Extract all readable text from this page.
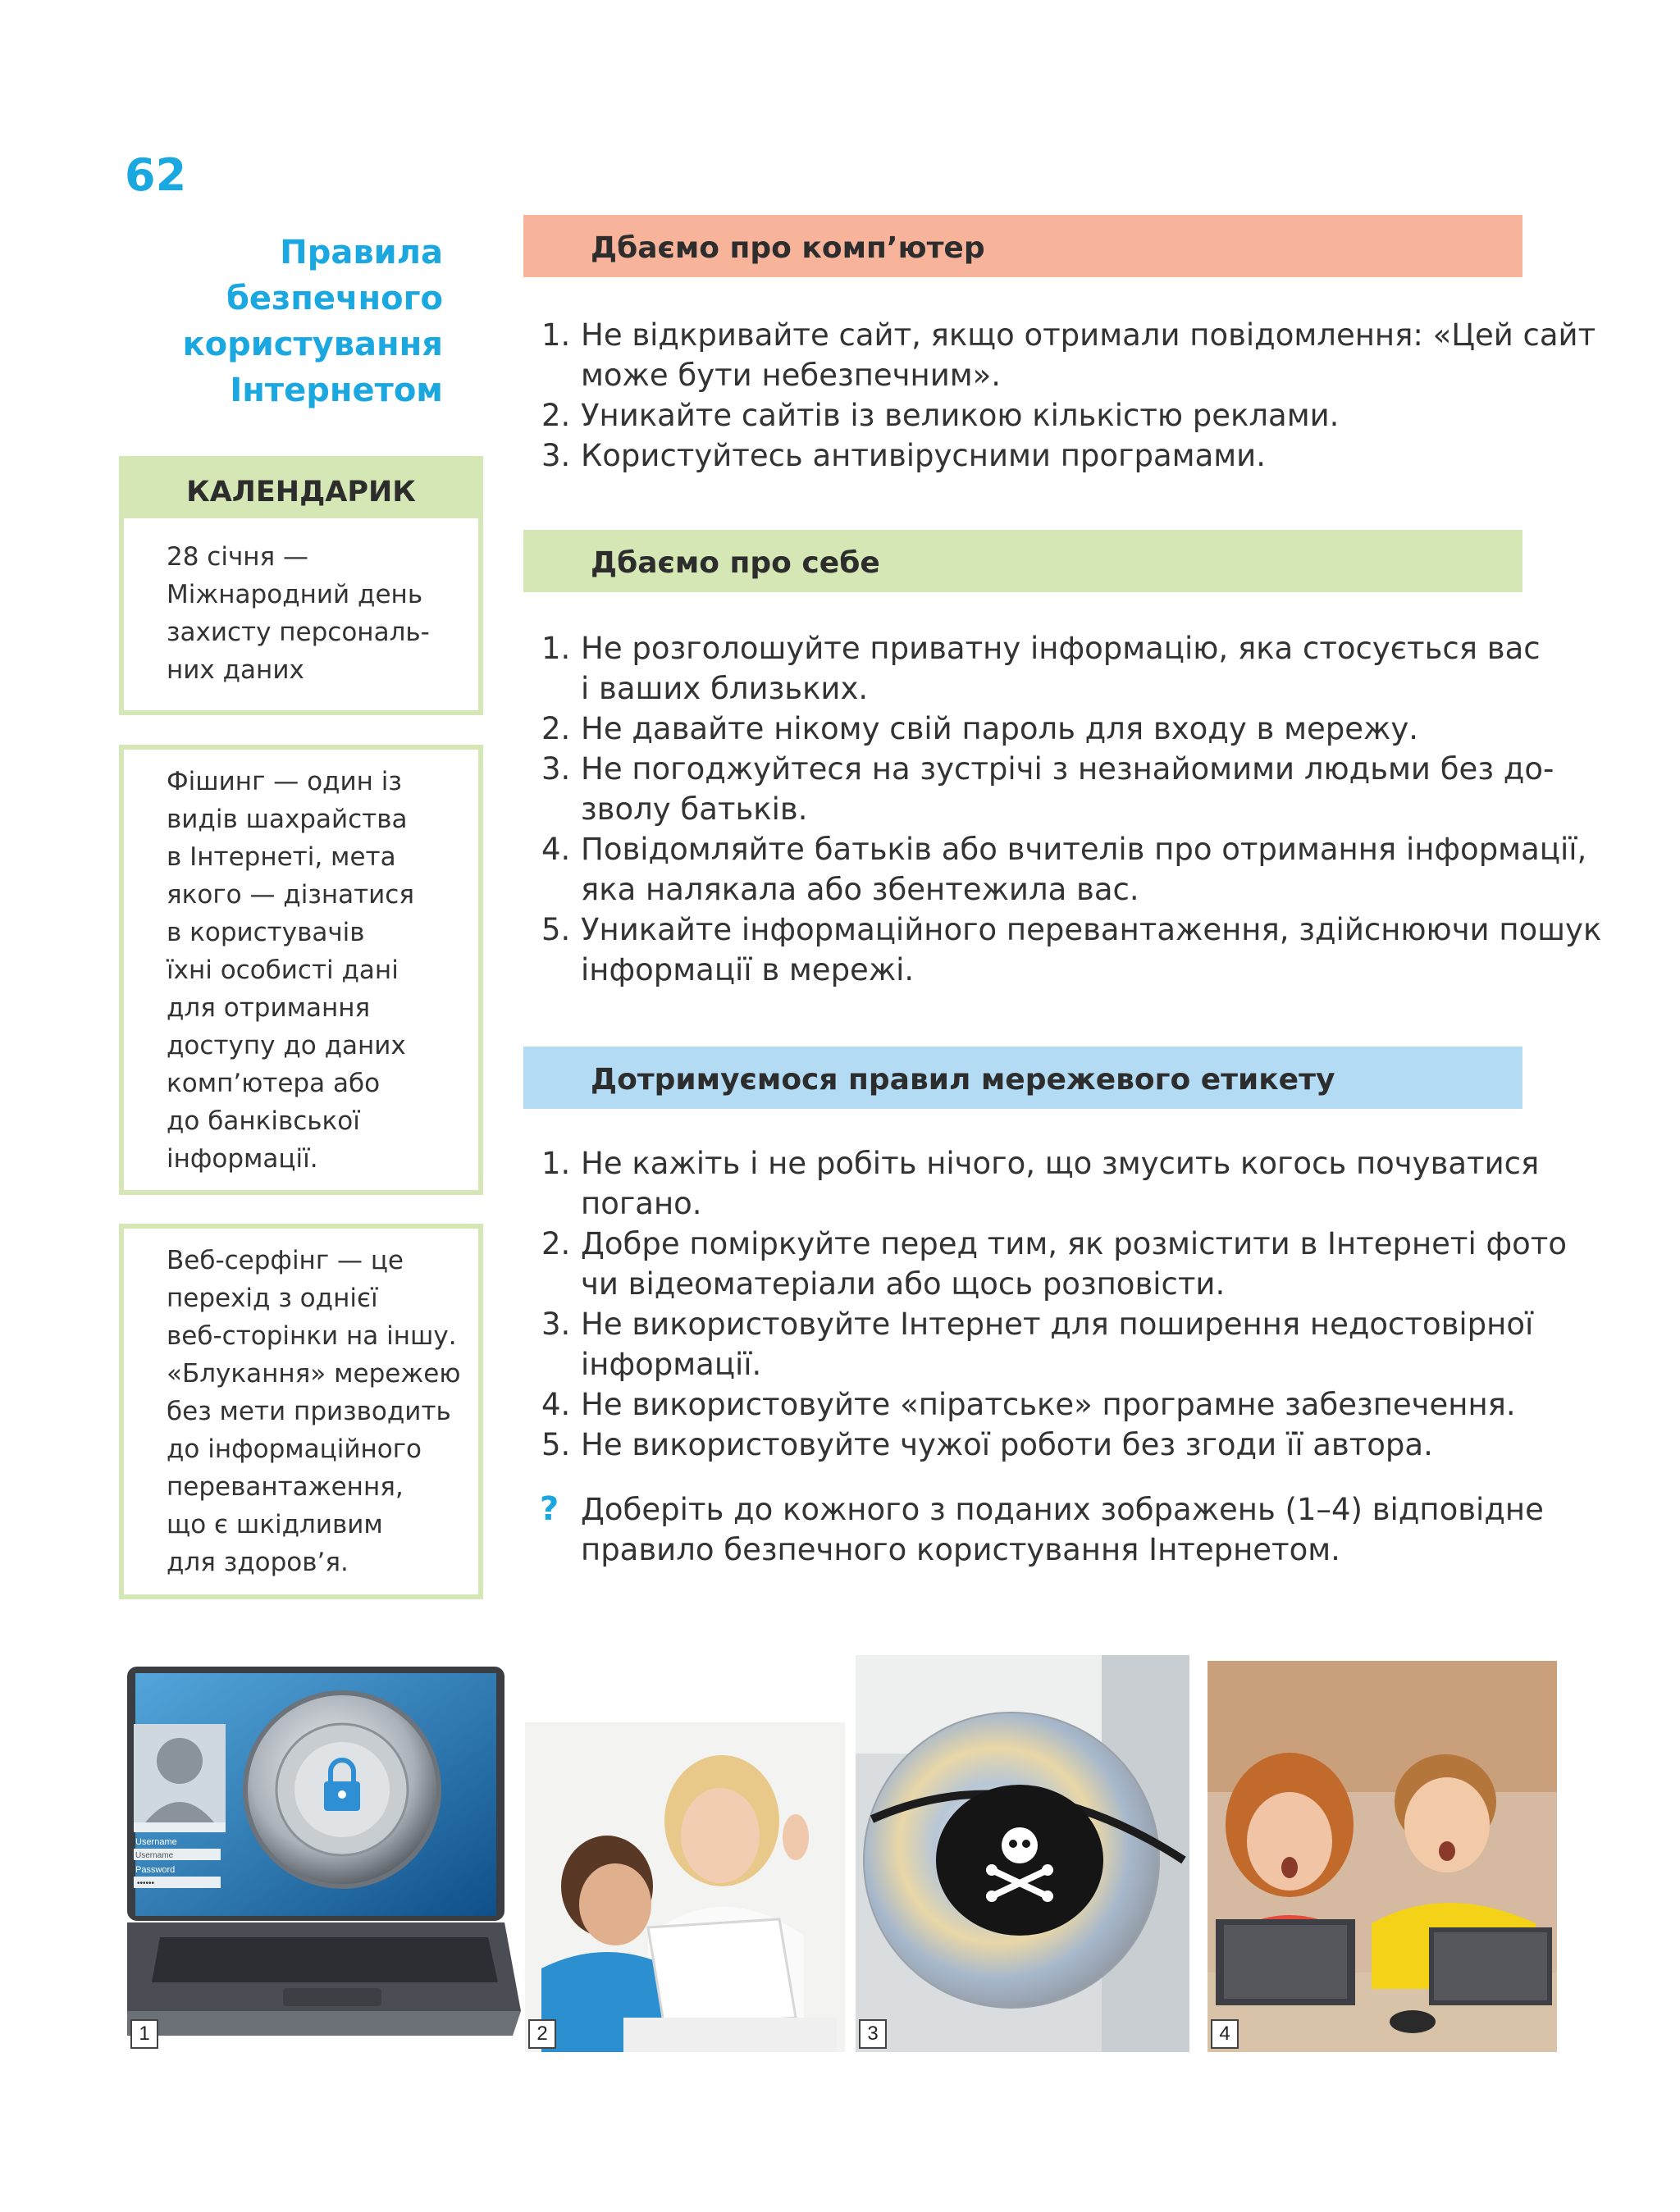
62
Правила
безпечного
користування
Інтернетом
КАЛЕНДАРИК
28 січня —
Міжнародний день
захисту персональ-
них даних
Фішинг — один із
видів шахрайства
в Інтернеті, мета
якого — дізнатися
в користувачів
їхні особисті дані
для отримання
доступу до даних
комп’ютера або
до банківської
інформації.
Веб-серфінг — це
перехід з однієї
веб-сторінки на іншу.
«Блукання» мережею
без мети призводить
до інформаційного
перевантаження,
що є шкідливим
для здоров’я.
Дбаємо про комп’ютер
1. Не відкривайте сайт, якщо отримали повідомлення: «Цей сайт
може бути небезпечним».
2. Уникайте сайтів із великою кількістю реклами.
3. Користуйтесь антивірусними програмами.
Дбаємо про себе
1. Не розголошуйте приватну інформацію, яка стосується вас
і ваших близьких.
2. Не давайте нікому свій пароль для входу в мережу.
3. Не погоджуйтеся на зустрічі з незнайомими людьми без до-
зволу батьків.
4. Повідомляйте батьків або вчителів про отримання інформації,
яка налякала або збентежила вас.
5. Уникайте інформаційного перевантаження, здійснюючи пошук
інформації в мережі.
Дотримуємося правил мережевого етикету
1. Не кажіть і не робіть нічого, що змусить когось почуватися
погано.
2. Добре поміркуйте перед тим, як розмістити в Інтернеті фото
чи відеоматеріали або щось розповісти.
3. Не використовуйте Інтернет для поширення недостовірної
інформації.
4. Не використовуйте «піратське» програмне забезпечення.
5. Не використовуйте чужої роботи без згоди її автора.
? Доберіть до кожного з поданих зображень (1–4) відповідне
правило безпечного користування Інтернетом.
Username
Username
Password
••••••
1	2	3	4
